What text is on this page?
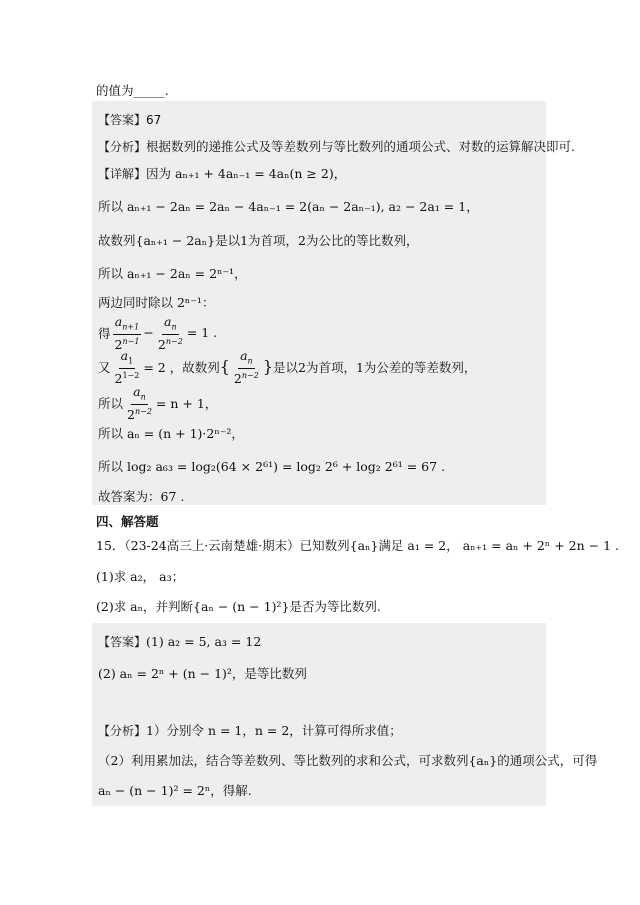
的值为_____.
【答案】67
【分析】根据数列的递推公式及等差数列与等比数列的通项公式、对数的运算解决即可.
【详解】因为 aₙ₊₁ + 4aₙ₋₁ = 4aₙ(n ≥ 2)，
所以 aₙ₊₁ − 2aₙ = 2aₙ − 4aₙ₋₁ = 2(aₙ − 2aₙ₋₁), a₂ − 2a₁ = 1，
故数列{aₙ₊₁ − 2aₙ}是以1为首项，2为公比的等比数列，
所以 aₙ₊₁ − 2aₙ = 2ⁿ⁻¹，
两边同时除以 2ⁿ⁻¹：
得 $\frac{a_{n+1}}{2^{n-1}} - \frac{a_n}{2^{n-2}} = 1$ .
又 $\frac{a_1}{2^{1-2}} = 2$ ，故数列 { $\frac{a_n}{2^{n-2}}$ } 是以2为首项，1为公差的等差数列，
所以 $\frac{a_n}{2^{n-2}} = n + 1$，
所以 aₙ = (n + 1)·2ⁿ⁻²，
所以 log₂ a₆₃ = log₂(64 × 2⁶¹) = log₂ 2⁶ + log₂ 2⁶¹ = 67 .
故答案为：67 .
四、解答题
15．（23-24高三上·云南楚雄·期末）已知数列{aₙ}满足 a₁ = 2， aₙ₊₁ = aₙ + 2ⁿ + 2n − 1 .
(1)求 a₂， a₃；
(2)求 aₙ，并判断{aₙ − (n − 1)²}是否为等比数列.
【答案】(1) a₂ = 5, a₃ = 12
(2) aₙ = 2ⁿ + (n − 1)²，是等比数列
【分析】1）分别令 n = 1，n = 2，计算可得所求值；
（2）利用累加法，结合等差数列、等比数列的求和公式，可求数列{aₙ}的通项公式，可得
aₙ − (n − 1)² = 2ⁿ，得解.
